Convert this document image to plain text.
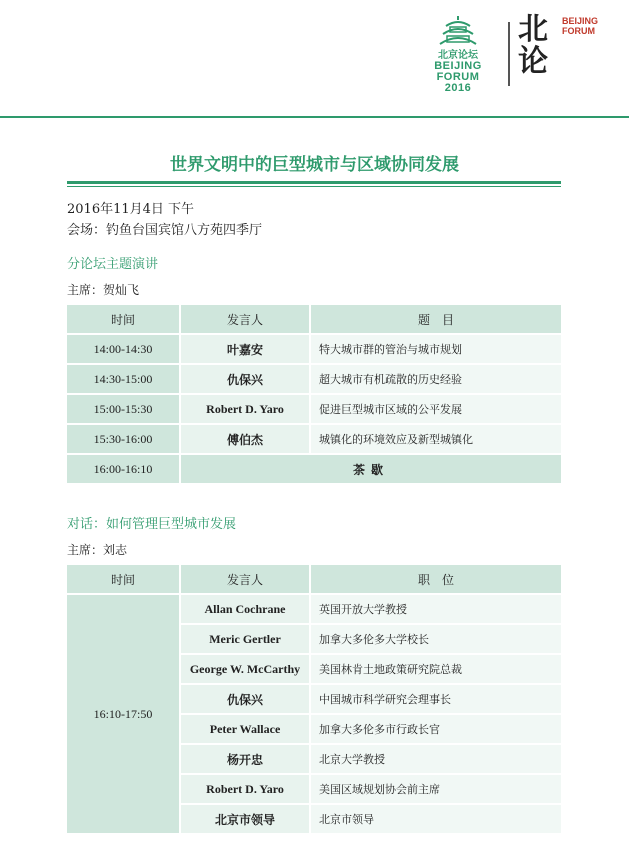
北京论坛
BEIJING
FORUM
2016
北
论
BEIJING
FORUM
世界文明中的巨型城市与区域协同发展
2016年11月4日 下午
会场：钓鱼台国宾馆八方苑四季厅
分论坛主题演讲
主席：贺灿飞
时间	发言人	题　目
14:00-14:30	叶嘉安	特大城市群的管治与城市规划
14:30-15:00	仇保兴	超大城市有机疏散的历史经验
15:00-15:30	Robert D. Yaro	促进巨型城市区域的公平发展
15:30-16:00	傅伯杰	城镇化的环境效应及新型城镇化
16:00-16:10	茶歇	
对话：如何管理巨型城市发展
主席：刘志
时间	发言人	职　位
16:10-17:50	Allan Cochrane	英国开放大学教授
	Meric Gertler	加拿大多伦多大学校长
	George W. McCarthy	美国林肯土地政策研究院总裁
	仇保兴	中国城市科学研究会理事长
	Peter Wallace	加拿大多伦多市行政长官
	杨开忠	北京大学教授
	Robert D. Yaro	美国区域规划协会前主席
	北京市领导	北京市领导
